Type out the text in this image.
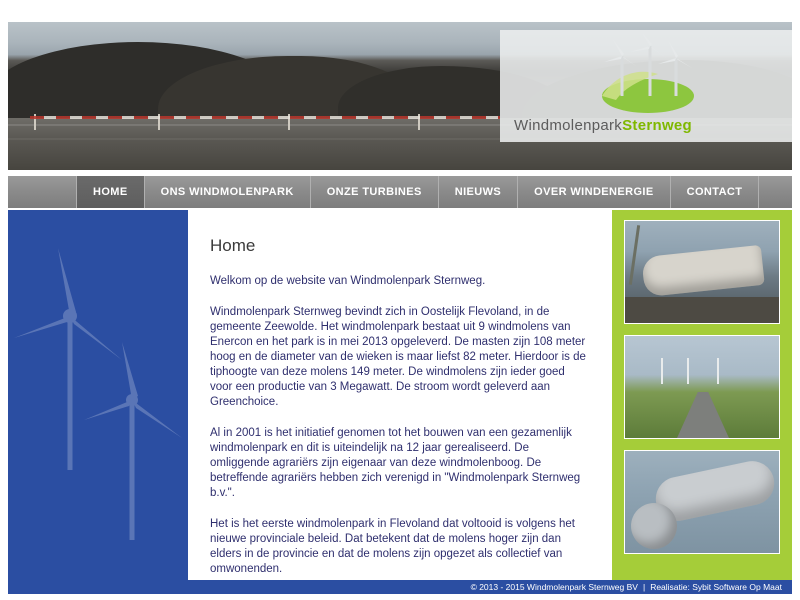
WindmolenparkSternweg
HOME	ONS WINDMOLENPARK	ONZE TURBINES	NIEUWS	OVER WINDENERGIE	CONTACT
Home

Welkom op de website van Windmolenpark Sternweg.

Windmolenpark Sternweg bevindt zich in Oostelijk Flevoland, in de gemeente Zeewolde. Het windmolenpark bestaat uit 9 windmolens van Enercon en het park is in mei 2013 opgeleverd. De masten zijn 108 meter hoog en de diameter van de wieken is maar liefst 82 meter. Hierdoor is de tiphoogte van deze molens 149 meter. De windmolens zijn ieder goed voor een productie van 3 Megawatt. De stroom wordt geleverd aan Greenchoice.

Al in 2001 is het initiatief genomen tot het bouwen van een gezamenlijk windmolenpark en dit is uiteindelijk na 12 jaar gerealiseerd. De omliggende agrariërs zijn eigenaar van deze windmolenboog. De betreffende agrariërs hebben zich verenigd in "Windmolenpark Sternweg b.v.".

Het is het eerste windmolenpark in Flevoland dat voltooid is volgens het nieuwe provinciale beleid. Dat betekent dat de molens hoger zijn dan elders in de provincie en dat de molens zijn opgezet als collectief van omwonenden.

© 2013 - 2015 Windmolenpark Sternweg BV | Realisatie: Sybit Software Op Maat
